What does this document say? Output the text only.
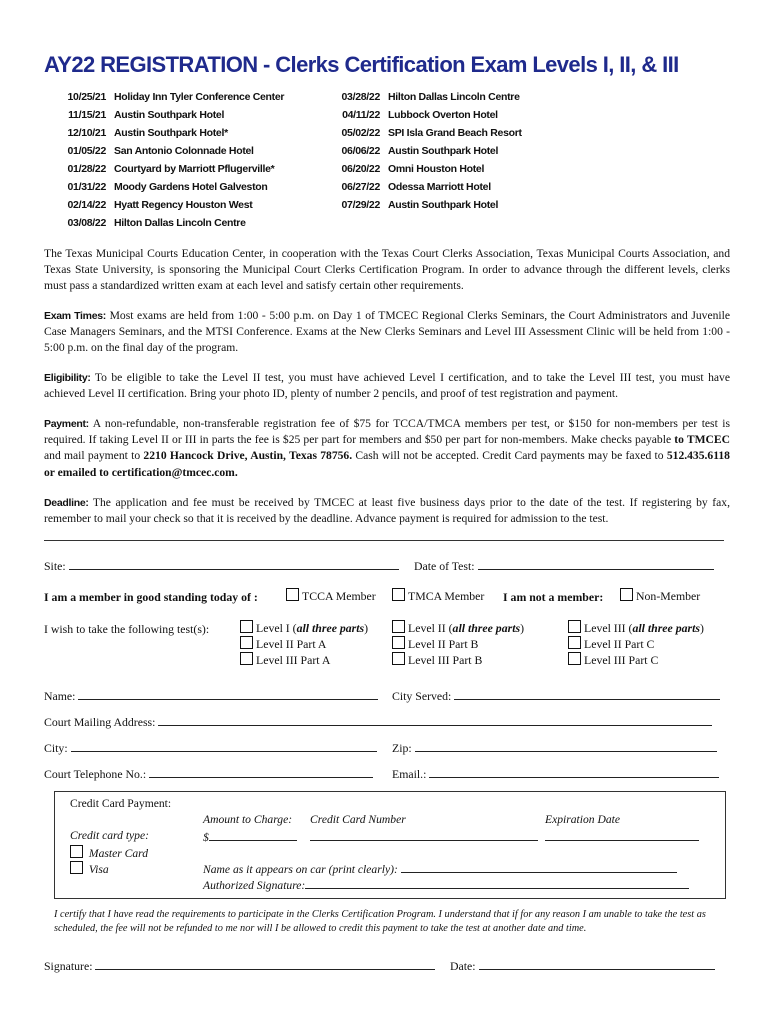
AY22 REGISTRATION - Clerks Certification Exam Levels I, II, & III
10/25/21 Holiday Inn Tyler Conference Center
11/15/21 Austin Southpark Hotel
12/10/21 Austin Southpark Hotel*
01/05/22 San Antonio Colonnade Hotel
01/28/22 Courtyard by Marriott Pflugerville*
01/31/22 Moody Gardens Hotel Galveston
02/14/22 Hyatt Regency Houston West
03/08/22 Hilton Dallas Lincoln Centre
03/28/22 Hilton Dallas Lincoln Centre
04/11/22 Lubbock Overton Hotel
05/02/22 SPI Isla Grand Beach Resort
06/06/22 Austin Southpark Hotel
06/20/22 Omni Houston Hotel
06/27/22 Odessa Marriott Hotel
07/29/22 Austin Southpark Hotel
The Texas Municipal Courts Education Center, in cooperation with the Texas Court Clerks Association, Texas Municipal Courts Association, and Texas State University, is sponsoring the Municipal Court Clerks Certification Program. In order to advance through the different levels, clerks must pass a standardized written exam at each level and satisfy certain other requirements.
Exam Times: Most exams are held from 1:00 - 5:00 p.m. on Day 1 of TMCEC Regional Clerks Seminars, the Court Administrators and Juvenile Case Managers Seminars, and the MTSI Conference. Exams at the New Clerks Seminars and Level III Assessment Clinic will be held from 1:00 - 5:00 p.m. on the final day of the program.
Eligibility: To be eligible to take the Level II test, you must have achieved Level I certification, and to take the Level III test, you must have achieved Level II certification. Bring your photo ID, plenty of number 2 pencils, and proof of test registration and payment.
Payment: A non-refundable, non-transferable registration fee of $75 for TCCA/TMCA members per test, or $150 for non-members per test is required. If taking Level II or III in parts the fee is $25 per part for members and $50 per part for non-members. Make checks payable to TMCEC and mail payment to 2210 Hancock Drive, Austin, Texas 78756. Cash will not be accepted. Credit Card payments may be faxed to 512.435.6118 or emailed to certification@tmcec.com.
Deadline: The application and fee must be received by TMCEC at least five business days prior to the date of the test. If registering by fax, remember to mail your check so that it is received by the deadline. Advance payment is required for admission to the test.
Site:	Date of Test:
I am a member in good standing today of :	TCCA Member	TMCA Member I am not a member:	Non-Member
I wish to take the following test(s):	Level I (all three parts)
Level II Part A
Level III Part A
Level II (all three parts)
Level II Part B
Level III Part B
Level III (all three parts)
Level II Part C
Level III Part C
Name:	City Served:
Court Mailing Address:
City:	Zip:
Court Telephone No.:	Email.:
Credit Card Payment:
Amount to Charge: Credit Card Number	Expiration Date
$
Credit card type:
Master Card
Visa	Name as it appears on car (print clearly):
Authorized Signature:
I certify that I have read the requirements to participate in the Clerks Certification Program. I understand that if for any reason I am unable to take the test as scheduled, the fee will not be refunded to me nor will I be allowed to credit this payment to take the test at another date and time.
Signature:	Date:
